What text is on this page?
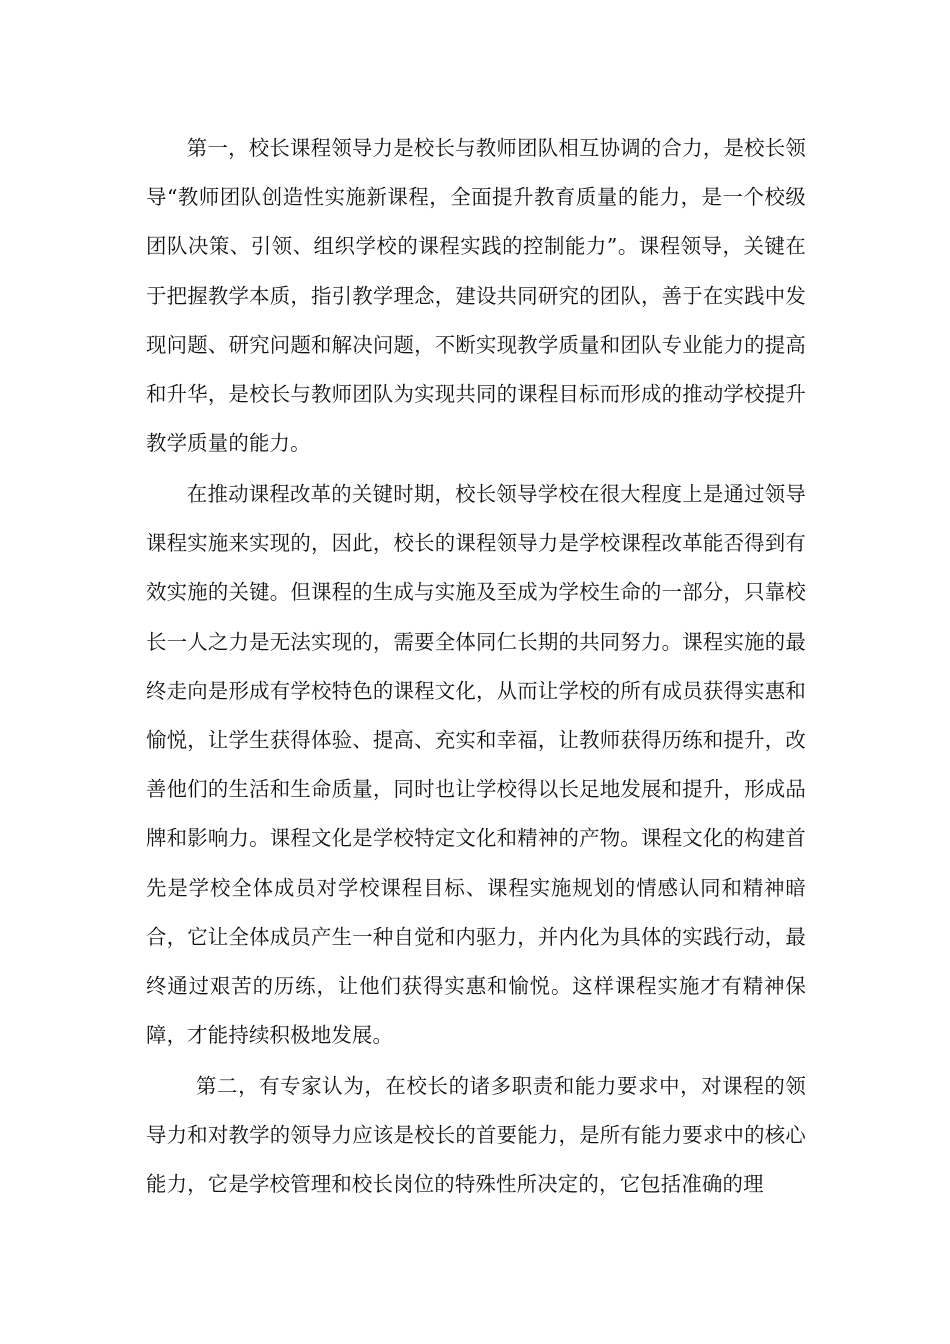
第一，校长课程领导力是校长与教师团队相互协调的合力，是校长领导“教师团队创造性实施新课程，全面提升教育质量的能力，是一个校级团队决策、引领、组织学校的课程实践的控制能力”。课程领导，关键在于把握教学本质，指引教学理念，建设共同研究的团队，善于在实践中发现问题、研究问题和解决问题，不断实现教学质量和团队专业能力的提高和升华，是校长与教师团队为实现共同的课程目标而形成的推动学校提升教学质量的能力。

在推动课程改革的关键时期，校长领导学校在很大程度上是通过领导课程实施来实现的，因此，校长的课程领导力是学校课程改革能否得到有效实施的关键。但课程的生成与实施及至成为学校生命的一部分，只靠校长一人之力是无法实现的，需要全体同仁长期的共同努力。课程实施的最终走向是形成有学校特色的课程文化，从而让学校的所有成员获得实惠和愉悦，让学生获得体验、提高、充实和幸福，让教师获得历练和提升，改善他们的生活和生命质量，同时也让学校得以长足地发展和提升，形成品牌和影响力。课程文化是学校特定文化和精神的产物。课程文化的构建首先是学校全体成员对学校课程目标、课程实施规划的情感认同和精神暗合，它让全体成员产生一种自觉和内驱力，并内化为具体的实践行动，最终通过艰苦的历练，让他们获得实惠和愉悦。这样课程实施才有精神保障，才能持续积极地发展。

第二，有专家认为，在校长的诸多职责和能力要求中，对课程的领导力和对教学的领导力应该是校长的首要能力，是所有能力要求中的核心能力，它是学校管理和校长岗位的特殊性所决定的，它包括准确的理
